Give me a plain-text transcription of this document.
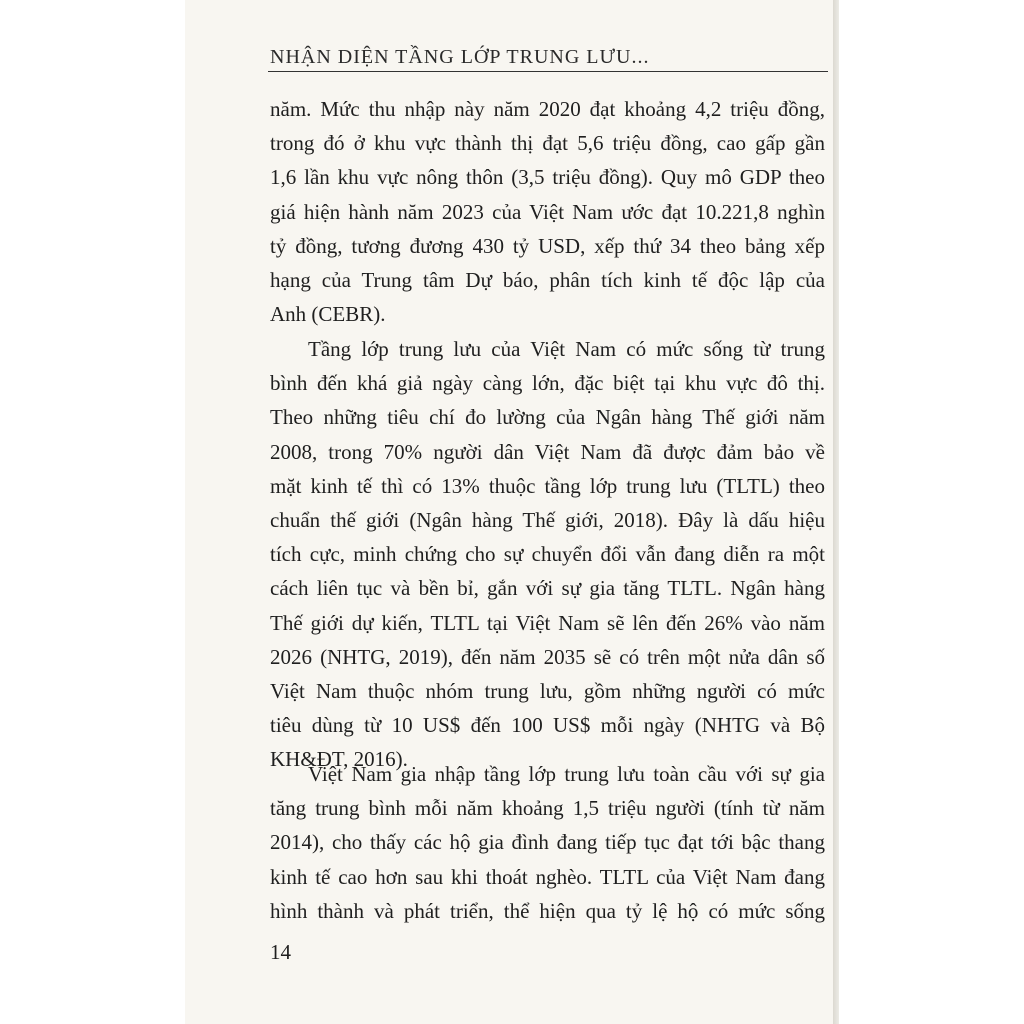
NHẬN DIỆN TẦNG LỚP TRUNG LƯU...

năm. Mức thu nhập này năm 2020 đạt khoảng 4,2 triệu đồng,
trong đó ở khu vực thành thị đạt 5,6 triệu đồng, cao gấp gần
1,6 lần khu vực nông thôn (3,5 triệu đồng). Quy mô GDP theo
giá hiện hành năm 2023 của Việt Nam ước đạt 10.221,8 nghìn
tỷ đồng, tương đương 430 tỷ USD, xếp thứ 34 theo bảng xếp
hạng của Trung tâm Dự báo, phân tích kinh tế độc lập của
Anh (CEBR).

Tầng lớp trung lưu của Việt Nam có mức sống từ trung
bình đến khá giả ngày càng lớn, đặc biệt tại khu vực đô thị.
Theo những tiêu chí đo lường của Ngân hàng Thế giới năm
2008, trong 70% người dân Việt Nam đã được đảm bảo về
mặt kinh tế thì có 13% thuộc tầng lớp trung lưu (TLTL) theo
chuẩn thế giới (Ngân hàng Thế giới, 2018). Đây là dấu hiệu
tích cực, minh chứng cho sự chuyển đổi vẫn đang diễn ra một
cách liên tục và bền bỉ, gắn với sự gia tăng TLTL. Ngân hàng
Thế giới dự kiến, TLTL tại Việt Nam sẽ lên đến 26% vào năm
2026 (NHTG, 2019), đến năm 2035 sẽ có trên một nửa dân số
Việt Nam thuộc nhóm trung lưu, gồm những người có mức
tiêu dùng từ 10 US$ đến 100 US$ mỗi ngày (NHTG và Bộ
KH&ĐT, 2016).

Việt Nam gia nhập tầng lớp trung lưu toàn cầu với sự gia
tăng trung bình mỗi năm khoảng 1,5 triệu người (tính từ năm
2014), cho thấy các hộ gia đình đang tiếp tục đạt tới bậc thang
kinh tế cao hơn sau khi thoát nghèo. TLTL của Việt Nam đang
hình thành và phát triển, thể hiện qua tỷ lệ hộ có mức sống

14
